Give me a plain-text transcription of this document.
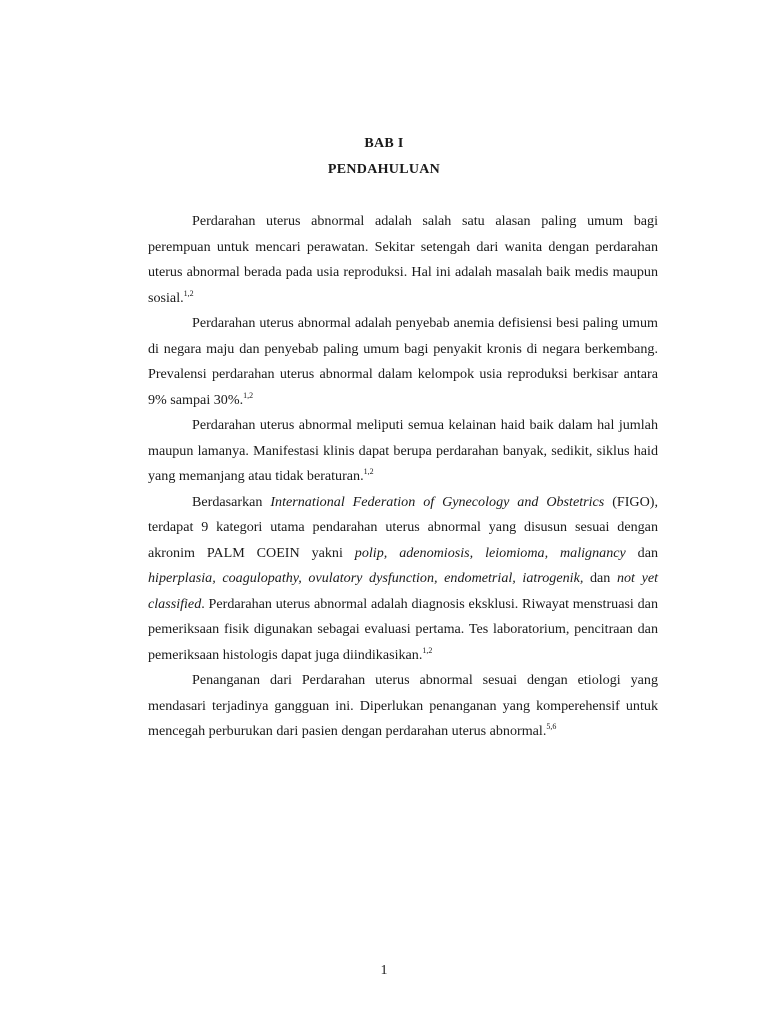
BAB I
PENDAHULUAN

Perdarahan uterus abnormal adalah salah satu alasan paling umum bagi perempuan untuk mencari perawatan. Sekitar setengah dari wanita dengan perdarahan uterus abnormal berada pada usia reproduksi. Hal ini adalah masalah baik medis maupun sosial.$^{1,2}$

Perdarahan uterus abnormal adalah penyebab anemia defisiensi besi paling umum di negara maju dan penyebab paling umum bagi penyakit kronis di negara berkembang. Prevalensi perdarahan uterus abnormal dalam kelompok usia reproduksi berkisar antara 9% sampai 30%.$^{1,2}$

Perdarahan uterus abnormal meliputi semua kelainan haid baik dalam hal jumlah maupun lamanya. Manifestasi klinis dapat berupa perdarahan banyak, sedikit, siklus haid yang memanjang atau tidak beraturan.$^{1,2}$

Berdasarkan International Federation of Gynecology and Obstetrics (FIGO), terdapat 9 kategori utama pendarahan uterus abnormal yang disusun sesuai dengan akronim PALM COEIN yakni polip, adenomiosis, leiomioma, malignancy dan hiperplasia, coagulopathy, ovulatory dysfunction, endometrial, iatrogenik, dan not yet classified. Perdarahan uterus abnormal adalah diagnosis eksklusi. Riwayat menstruasi dan pemeriksaan fisik digunakan sebagai evaluasi pertama. Tes laboratorium, pencitraan dan pemeriksaan histologis dapat juga diindikasikan.$^{1,2}$

Penanganan dari Perdarahan uterus abnormal sesuai dengan etiologi yang mendasari terjadinya gangguan ini. Diperlukan penanganan yang komperehensif untuk mencegah perburukan dari pasien dengan perdarahan uterus abnormal.$^{5,6}$

1
